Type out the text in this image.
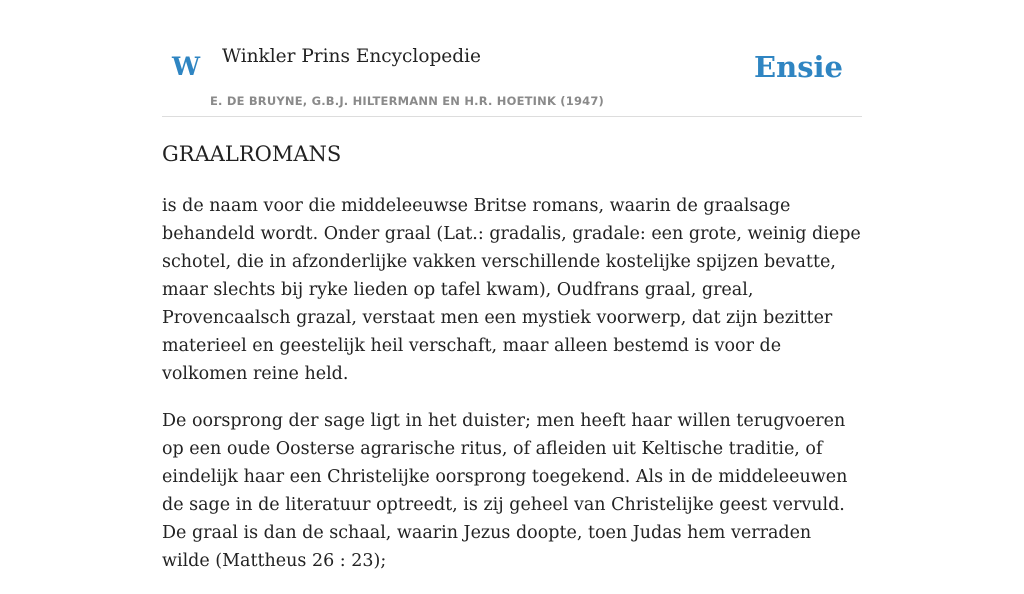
W Winkler Prins Encyclopedie
E. DE BRUYNE, G.B.J. HILTERMANN EN H.R. HOETINK (1947)
Ensie
GRAALROMANS

is de naam voor die middeleeuwse Britse romans, waarin de graalsage behandeld wordt. Onder graal (Lat.: gradalis, gradale: een grote, weinig diepe schotel, die in afzonderlijke vakken verschillende kostelijke spijzen bevatte, maar slechts bij ryke lieden op tafel kwam), Oudfrans graal, greal, Provencaalsch grazal, verstaat men een mystiek voorwerp, dat zijn bezitter materieel en geestelijk heil verschaft, maar alleen bestemd is voor de volkomen reine held.

De oorsprong der sage ligt in het duister; men heeft haar willen terugvoeren op een oude Oosterse agrarische ritus, of afleiden uit Keltische traditie, of eindelijk haar een Christelijke oorsprong toegekend. Als in de middeleeuwen de sage in de literatuur optreedt, is zij geheel van Christelijke geest vervuld. De graal is dan de schaal, waarin Jezus doopte, toen Judas hem verraden wilde (Mattheus 26 : 23);
